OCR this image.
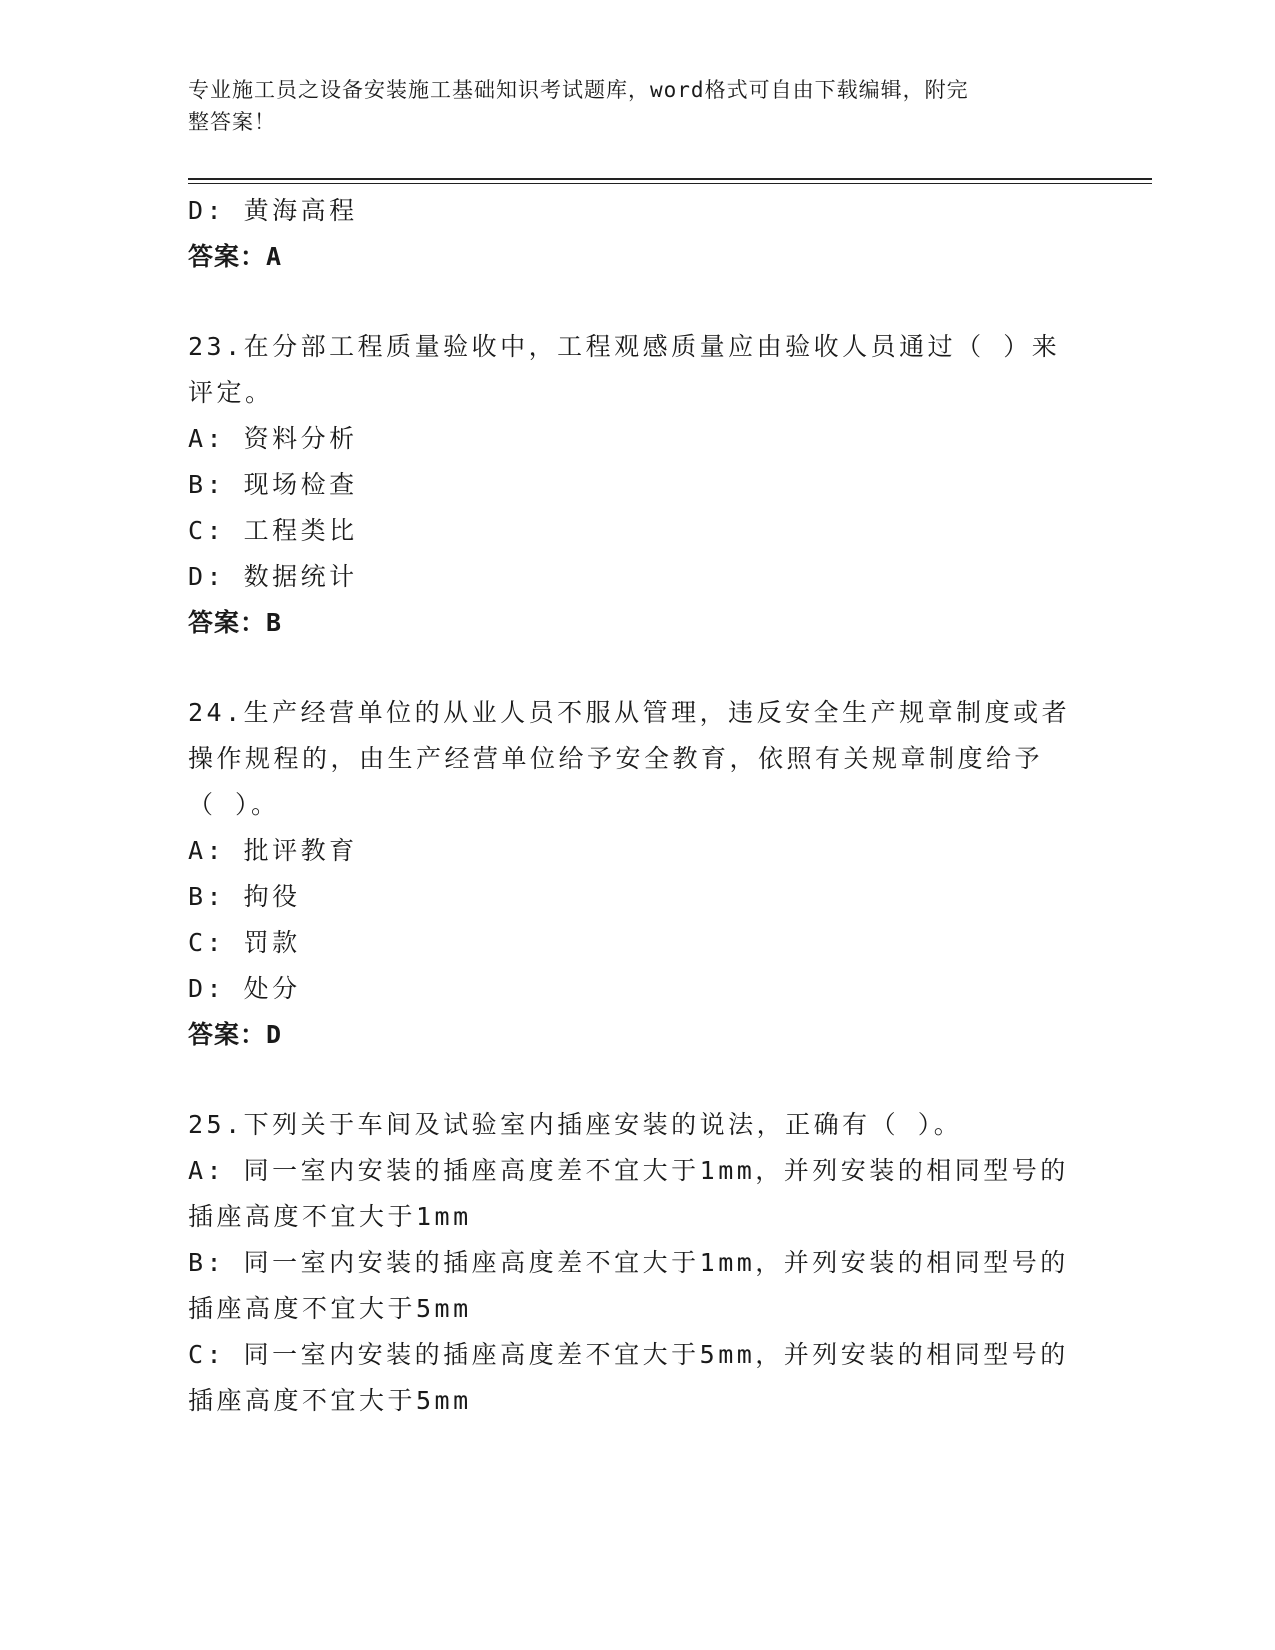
专业施工员之设备安装施工基础知识考试题库，word格式可自由下载编辑，附完
整答案！
D: 黄海高程
答案：A
23.在分部工程质量验收中，工程观感质量应由验收人员通过（ ）来
评定。
A: 资料分析
B: 现场检查
C: 工程类比
D: 数据统计
答案：B
24.生产经营单位的从业人员不服从管理，违反安全生产规章制度或者
操作规程的，由生产经营单位给予安全教育，依照有关规章制度给予
（ ）。
A: 批评教育
B: 拘役
C: 罚款
D: 处分
答案：D
25.下列关于车间及试验室内插座安装的说法，正确有（ ）。
A: 同一室内安装的插座高度差不宜大于1mm，并列安装的相同型号的
插座高度不宜大于1mm
B: 同一室内安装的插座高度差不宜大于1mm，并列安装的相同型号的
插座高度不宜大于5mm
C: 同一室内安装的插座高度差不宜大于5mm，并列安装的相同型号的
插座高度不宜大于5mm
